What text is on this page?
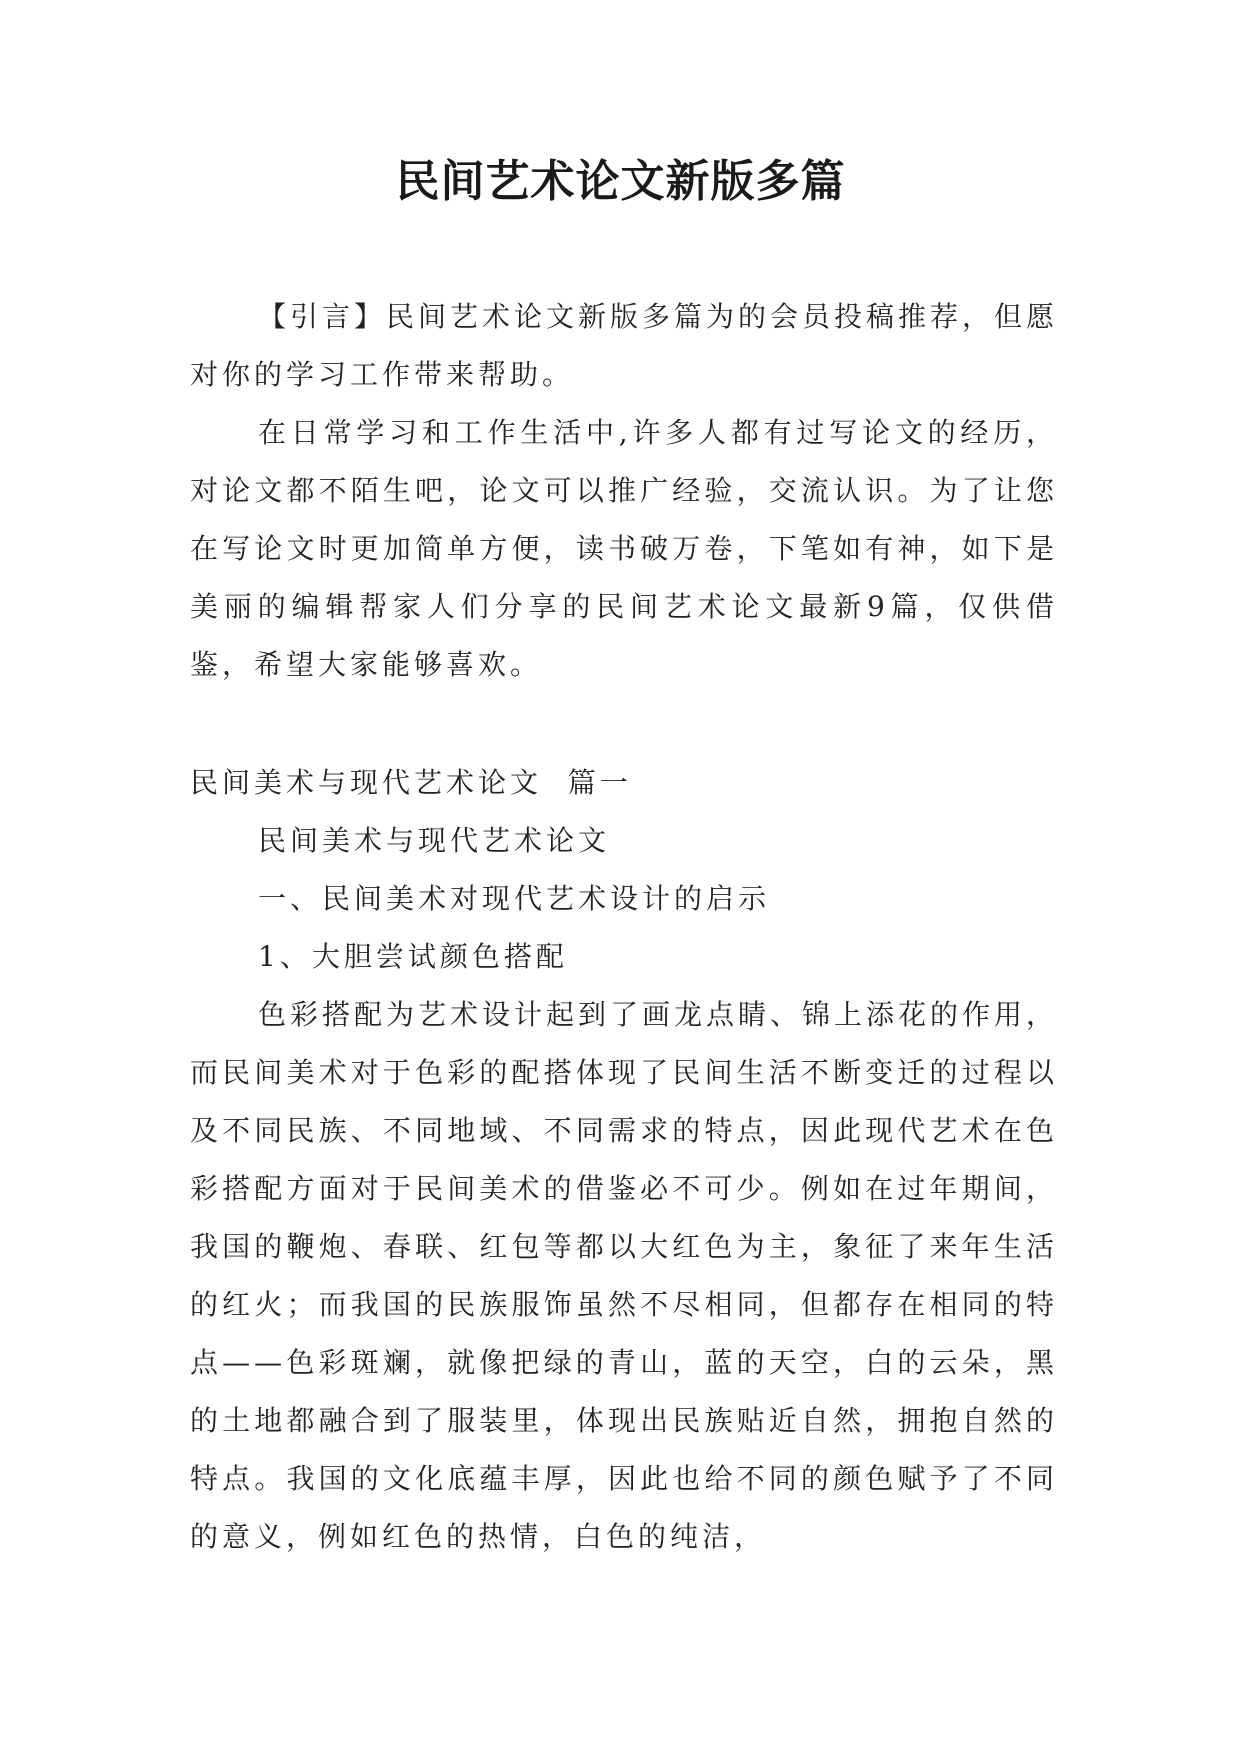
民间艺术论文新版多篇

【引言】民间艺术论文新版多篇为的会员投稿推荐，但愿对你的学习工作带来帮助。

在日常学习和工作生活中,许多人都有过写论文的经历，对论文都不陌生吧，论文可以推广经验，交流认识。为了让您在写论文时更加简单方便，读书破万卷，下笔如有神，如下是美丽的编辑帮家人们分享的民间艺术论文最新9篇，仅供借鉴，希望大家能够喜欢。

民间美术与现代艺术论文  篇一

民间美术与现代艺术论文

一、民间美术对现代艺术设计的启示

1、大胆尝试颜色搭配

色彩搭配为艺术设计起到了画龙点睛、锦上添花的作用，而民间美术对于色彩的配搭体现了民间生活不断变迁的过程以及不同民族、不同地域、不同需求的特点，因此现代艺术在色彩搭配方面对于民间美术的借鉴必不可少。例如在过年期间，我国的鞭炮、春联、红包等都以大红色为主，象征了来年生活的红火；而我国的民族服饰虽然不尽相同，但都存在相同的特点——色彩斑斓，就像把绿的青山，蓝的天空，白的云朵，黑的土地都融合到了服装里，体现出民族贴近自然，拥抱自然的特点。我国的文化底蕴丰厚，因此也给不同的颜色赋予了不同的意义，例如红色的热情，白色的纯洁，
